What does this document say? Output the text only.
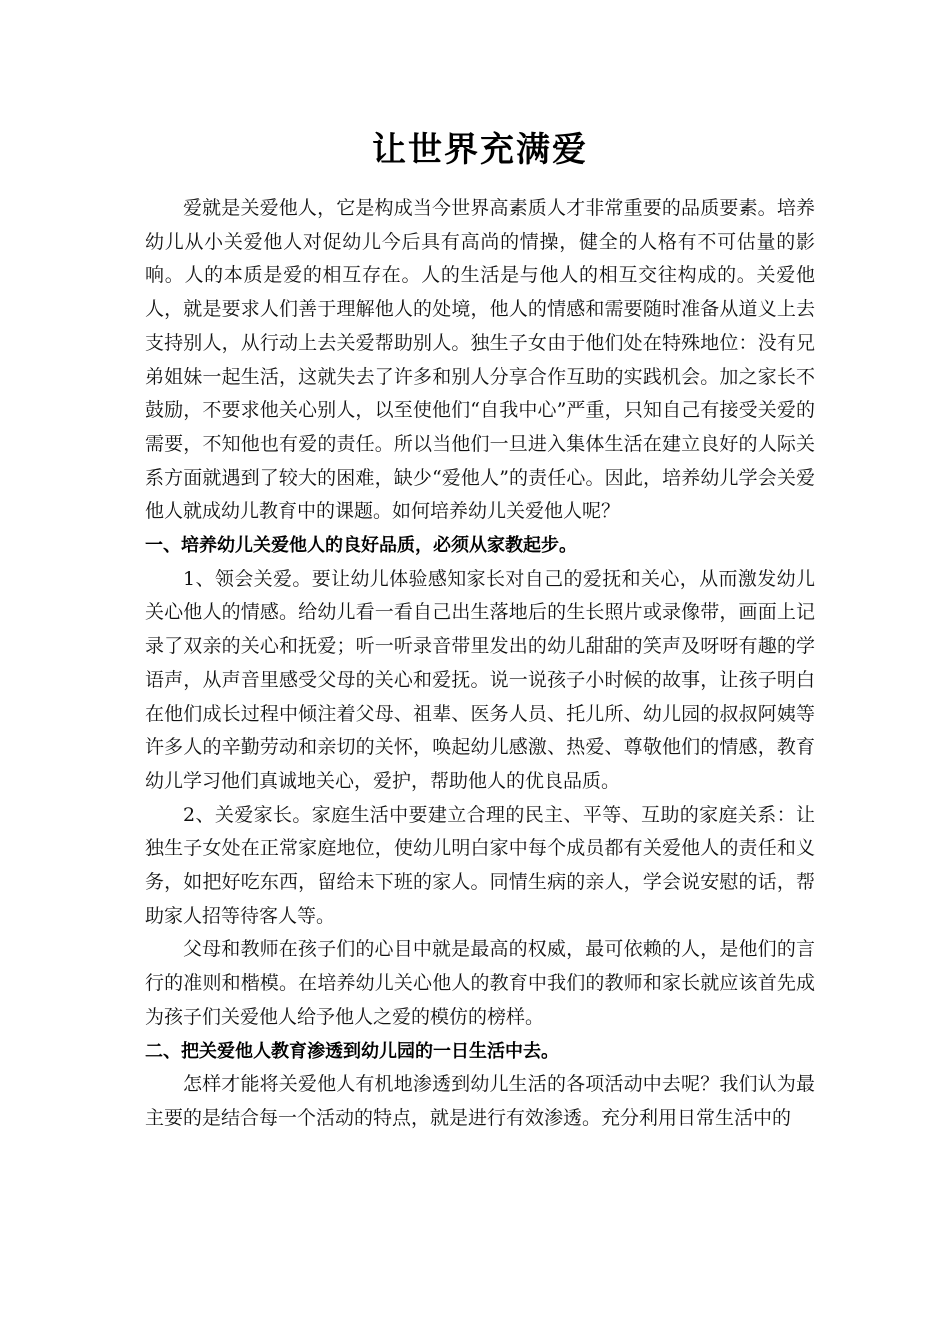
让世界充满爱

爱就是关爱他人，它是构成当今世界高素质人才非常重要的品质要素。培养幼儿从小关爱他人对促幼儿今后具有高尚的情操，健全的人格有不可估量的影响。人的本质是爱的相互存在。人的生活是与他人的相互交往构成的。关爱他人，就是要求人们善于理解他人的处境，他人的情感和需要随时准备从道义上去支持别人，从行动上去关爱帮助别人。独生子女由于他们处在特殊地位：没有兄弟姐妹一起生活，这就失去了许多和别人分享合作互助的实践机会。加之家长不鼓励，不要求他关心别人，以至使他们“自我中心”严重，只知自己有接受关爱的需要，不知他也有爱的责任。所以当他们一旦进入集体生活在建立良好的人际关系方面就遇到了较大的困难，缺少“爱他人”的责任心。因此，培养幼儿学会关爱他人就成幼儿教育中的课题。如何培养幼儿关爱他人呢？

一、培养幼儿关爱他人的良好品质，必须从家教起步。

1、领会关爱。要让幼儿体验感知家长对自己的爱抚和关心，从而激发幼儿关心他人的情感。给幼儿看一看自己出生落地后的生长照片或录像带，画面上记录了双亲的关心和抚爱；听一听录音带里发出的幼儿甜甜的笑声及呀呀有趣的学语声，从声音里感受父母的关心和爱抚。说一说孩子小时候的故事，让孩子明白在他们成长过程中倾注着父母、祖辈、医务人员、托儿所、幼儿园的叔叔阿姨等许多人的辛勤劳动和亲切的关怀，唤起幼儿感激、热爱、尊敬他们的情感，教育幼儿学习他们真诚地关心，爱护，帮助他人的优良品质。

2、关爱家长。家庭生活中要建立合理的民主、平等、互助的家庭关系：让独生子女处在正常家庭地位，使幼儿明白家中每个成员都有关爱他人的责任和义务，如把好吃东西，留给未下班的家人。同情生病的亲人，学会说安慰的话，帮助家人招等待客人等。

父母和教师在孩子们的心目中就是最高的权威，最可依赖的人，是他们的言行的准则和楷模。在培养幼儿关心他人的教育中我们的教师和家长就应该首先成为孩子们关爱他人给予他人之爱的模仿的榜样。

二、把关爱他人教育渗透到幼儿园的一日生活中去。

怎样才能将关爱他人有机地渗透到幼儿生活的各项活动中去呢？我们认为最主要的是结合每一个活动的特点，就是进行有效渗透。充分利用日常生活中的
